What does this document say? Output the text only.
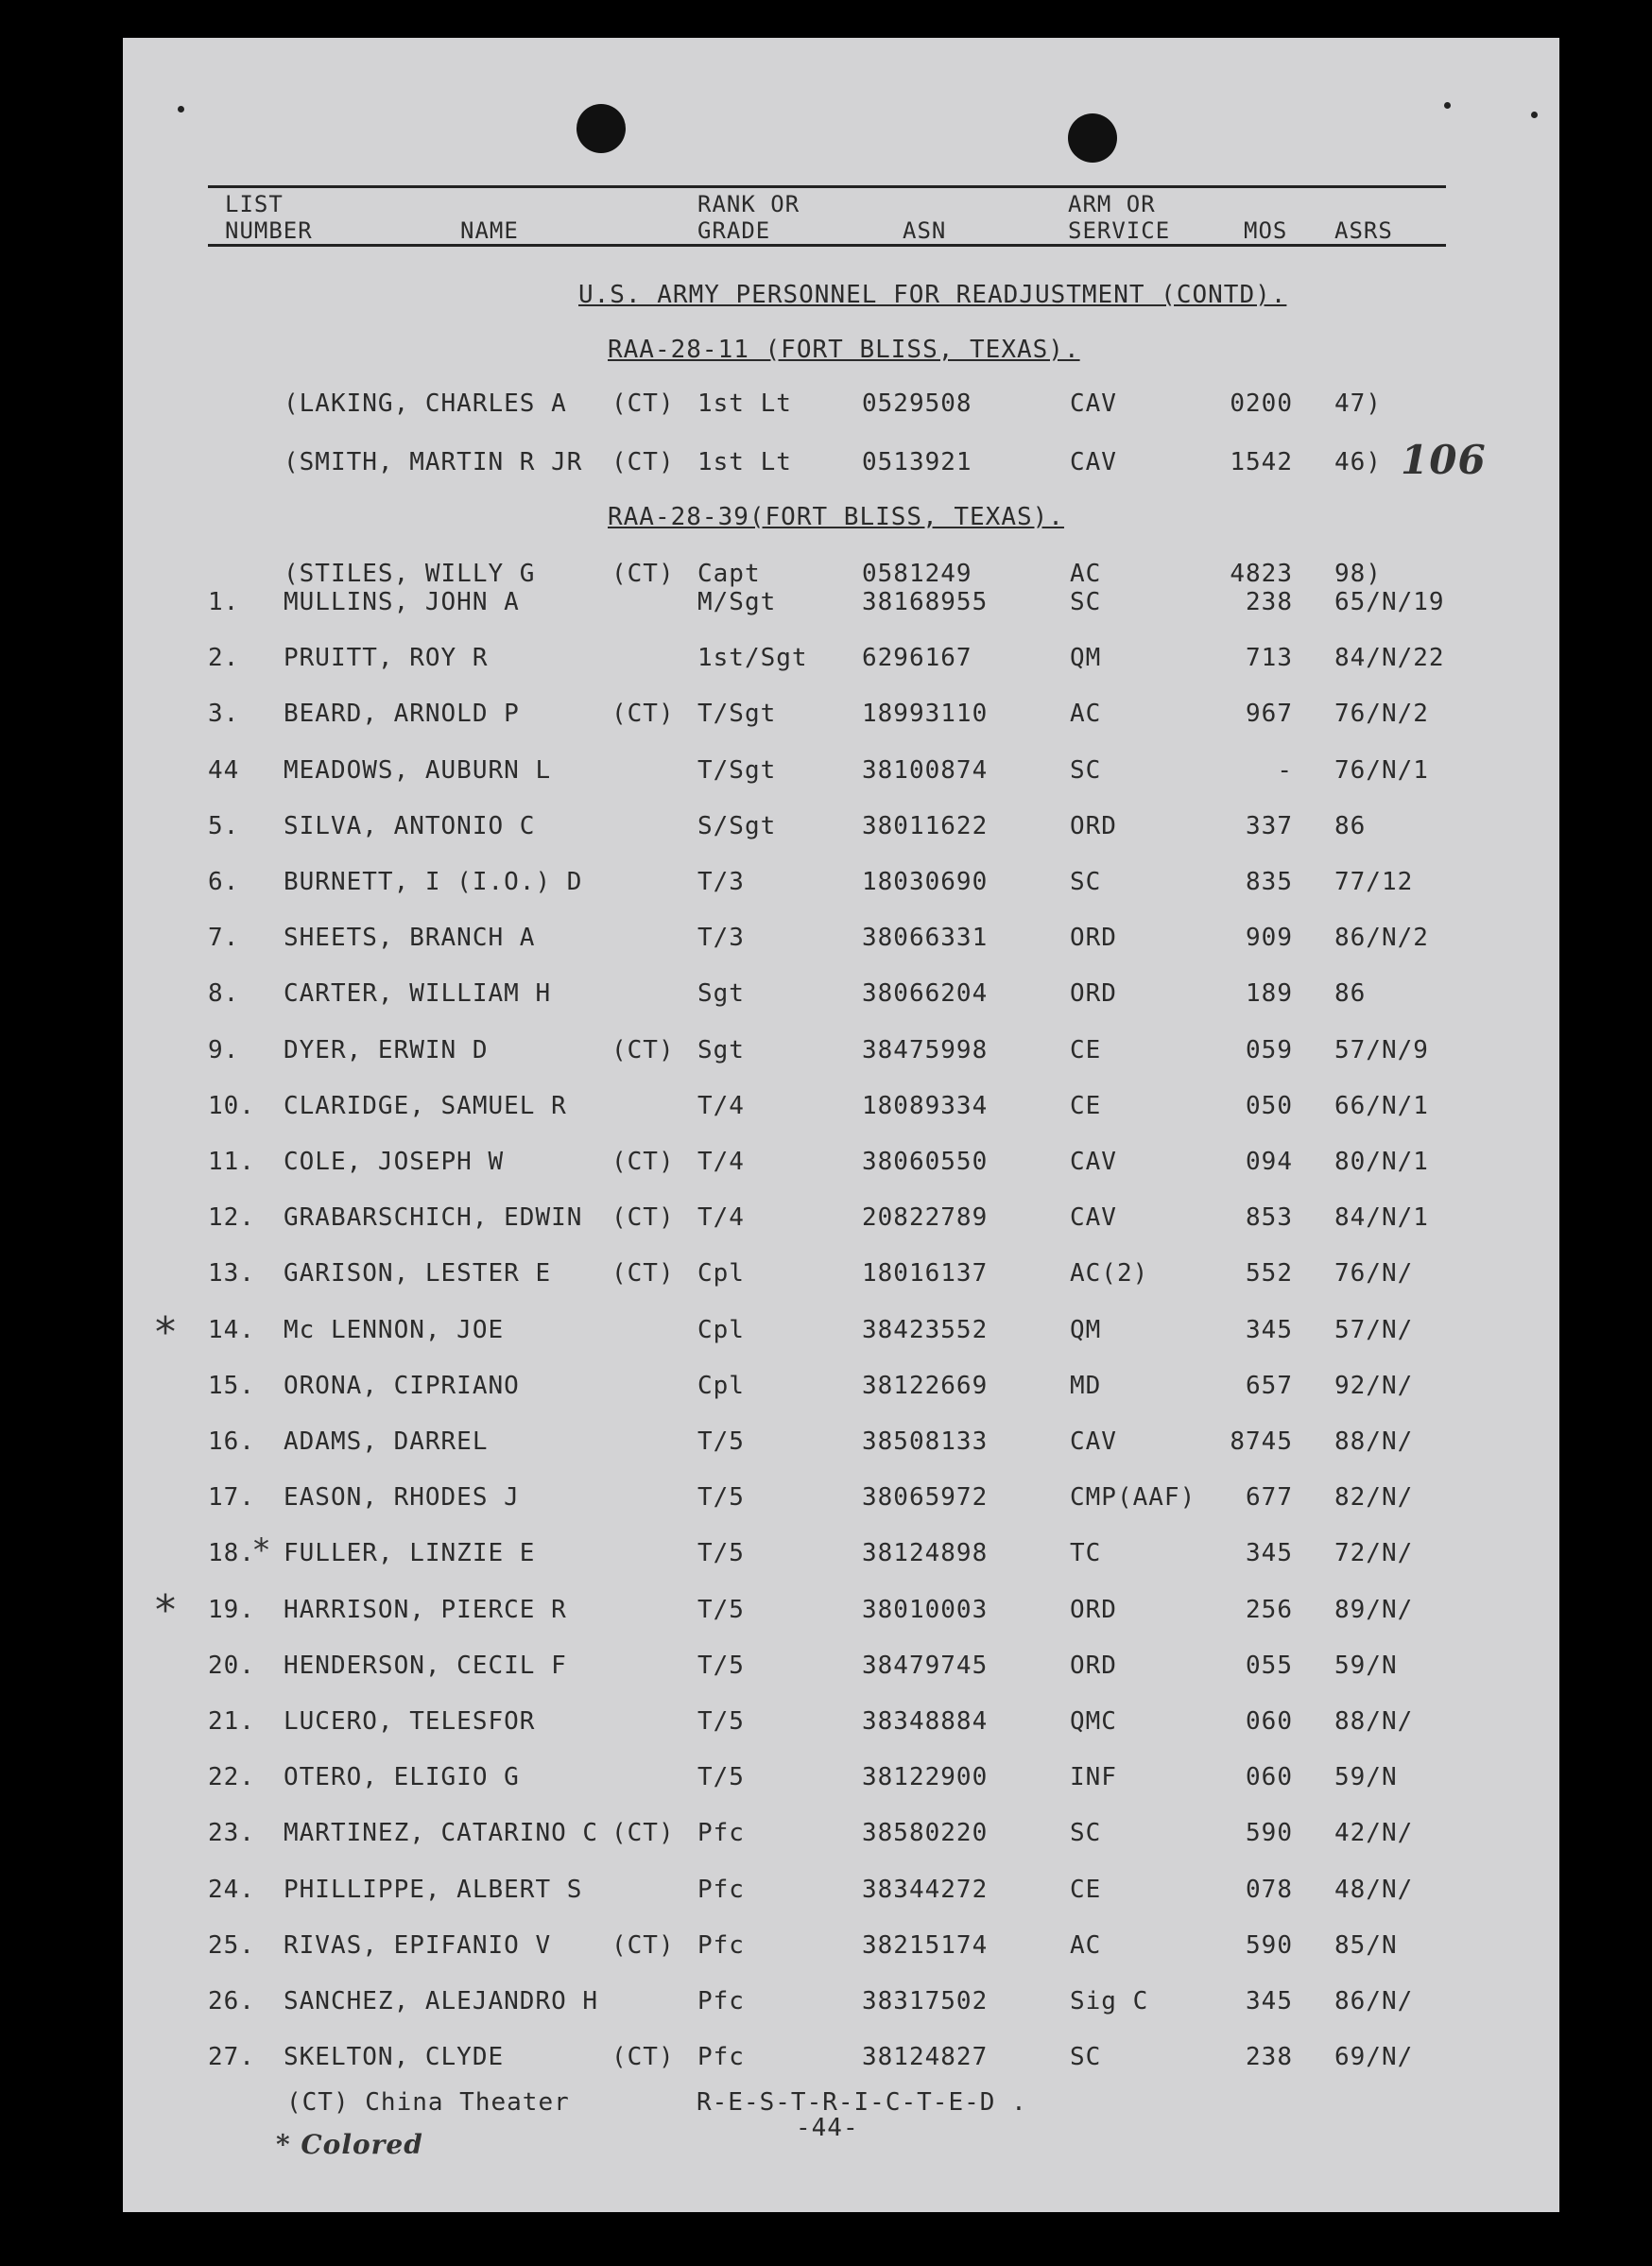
LIST
NUMBER	NAME
RANK OR
GRADE	ASN
ARM OR
SERVICE	MOS ASRS
U.S. ARMY PERSONNEL FOR READJUSTMENT (CONTD).
RAA-28-11 (FORT BLISS, TEXAS).
RAA-28-39(FORT BLISS, TEXAS).
106
(LAKING, CHARLES A (CT) 1st Lt	0529508	CAV	0200 47)
(SMITH, MARTIN R JR (CT) 1st Lt	0513921	CAV	1542 46)
(STILES, WILLY G	(CT) Capt	0581249	AC	4823 98)
1. MULLINS, JOHN A	M/Sgt	38168955	SC	238 65/N/19
2. PRUITT, ROY R	1st/Sgt 6296167	QM	713 84/N/22
3. BEARD, ARNOLD P	(CT) T/Sgt	18993110	AC	967 76/N/2
44 MEADOWS, AUBURN L	T/Sgt	38100874	SC	- 76/N/1
5. SILVA, ANTONIO C	S/Sgt	38011622	ORD	337 86
6. BURNETT, I (I.O.) D	T/3	18030690	SC	835 77/12
7. SHEETS, BRANCH A	T/3	38066331	ORD	909 86/N/2
8. CARTER, WILLIAM H	Sgt	38066204	ORD	189 86
9. DYER, ERWIN D	(CT) Sgt	38475998	CE	059 57/N/9
10. CLARIDGE, SAMUEL R	T/4	18089334	CE	050 66/N/1
11. COLE, JOSEPH W	(CT) T/4	38060550	CAV	094 80/N/1
12. GRABARSCHICH, EDWIN (CT) T/4	20822789	CAV	853 84/N/1
13. GARISON, LESTER E (CT) Cpl	18016137	AC(2)	552 76/N/
14. Mc LENNON, JOE	Cpl	38423552	QM	345 57/N/
15. ORONA, CIPRIANO	Cpl	38122669	MD	657 92/N/
16. ADAMS, DARREL	T/5	38508133	CAV	8745 88/N/
17. EASON, RHODES J	T/5	38065972	CMP(AAF)	677 82/N/
18. FULLER, LINZIE E	T/5	38124898	TC	345 72/N/
19. HARRISON, PIERCE R	T/5	38010003	ORD	256 89/N/
20. HENDERSON, CECIL F	T/5	38479745	ORD	055 59/N
21. LUCERO, TELESFOR	T/5	38348884	QMC	060 88/N/
22. OTERO, ELIGIO G	T/5	38122900	INF	060 59/N
23. MARTINEZ, CATARINO C (CT) Pfc	38580220	SC	590 42/N/
24. PHILLIPPE, ALBERT S	Pfc	38344272	CE	078 48/N/
25. RIVAS, EPIFANIO V (CT) Pfc	38215174	AC	590 85/N
26. SANCHEZ, ALEJANDRO H	Pfc	38317502	Sig C	345 86/N/
27. SKELTON, CLYDE	(CT) Pfc	38124827	SC	238 69/N/
*
*
*
(CT) China Theater	R-E-S-T-R-I-C-T-E-D .
-44-
* Colored
